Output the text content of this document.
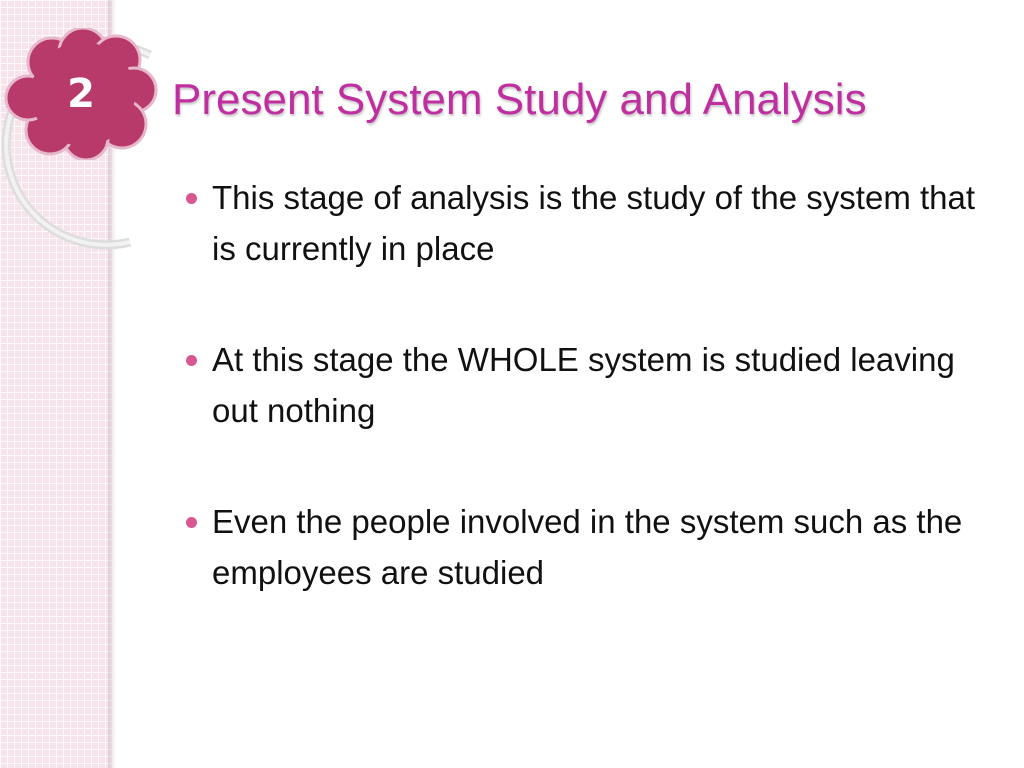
2	Present System Study and Analysis
This stage of analysis is the study of the system that is currently in place
At this stage the WHOLE system is studied leaving out nothing
Even the people involved in the system such as the employees are studied
